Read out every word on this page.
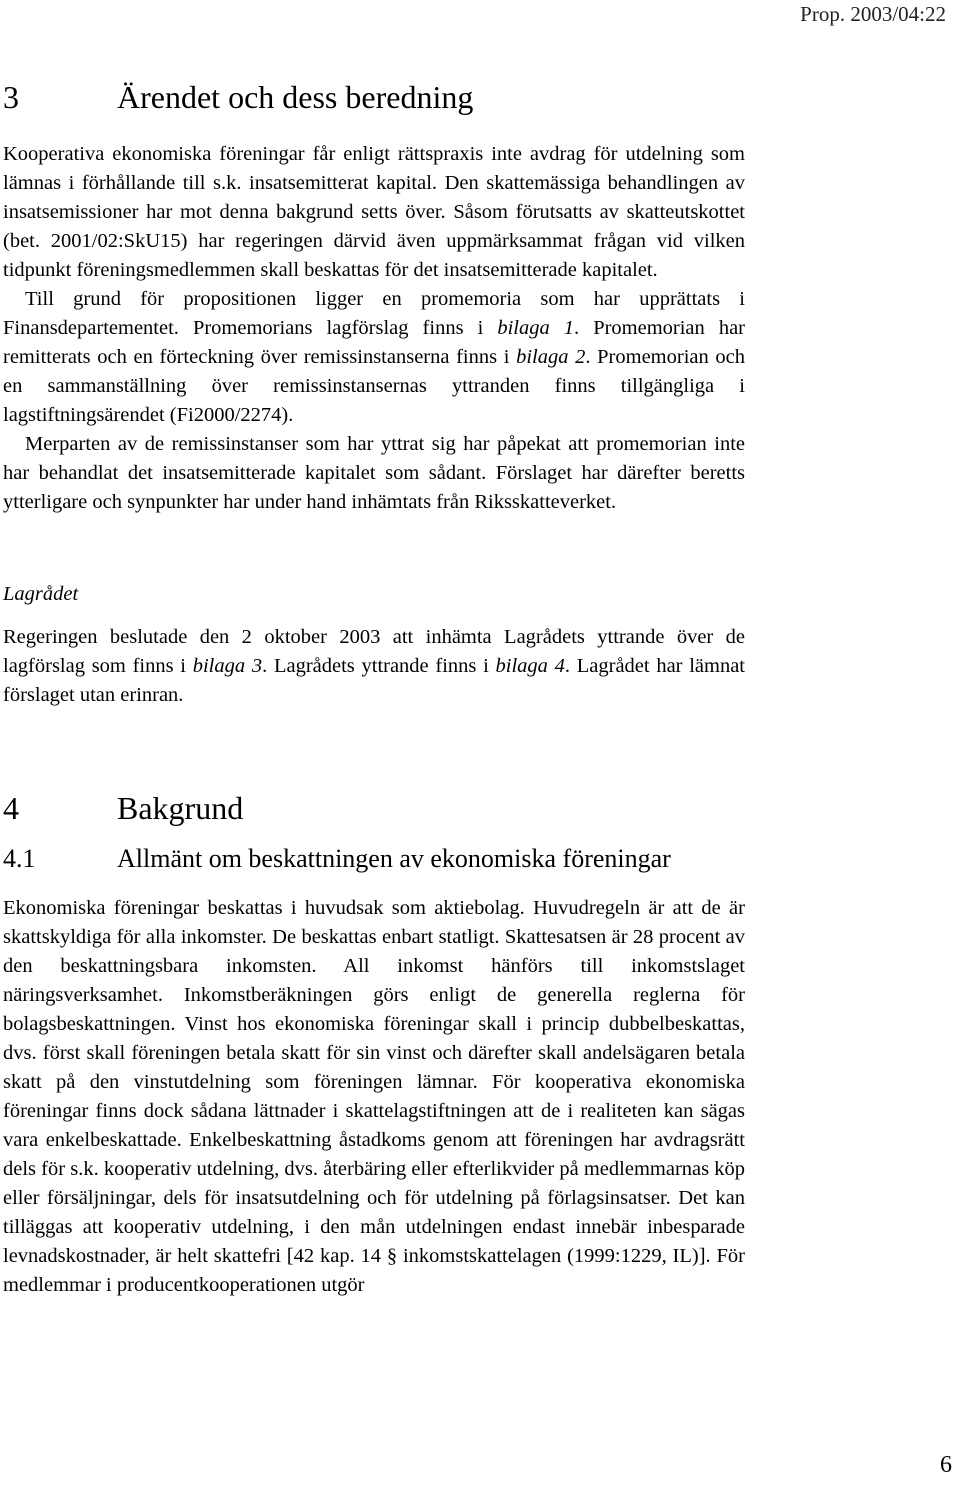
Prop. 2003/04:22
3	Ärendet och dess beredning

Kooperativa ekonomiska föreningar får enligt rättspraxis inte avdrag för utdelning som lämnas i förhållande till s.k. insatsemitterat kapital. Den skattemässiga behandlingen av insatsemissioner har mot denna bakgrund setts över. Såsom förutsatts av skatteutskottet (bet. 2001/02:SkU15) har regeringen därvid även uppmärksammat frågan vid vilken tidpunkt föreningsmedlemmen skall beskattas för det insatsemitterade kapitalet.

Till grund för propositionen ligger en promemoria som har upprättats i Finansdepartementet. Promemorians lagförslag finns i bilaga 1. Promemorian har remitterats och en förteckning över remissinstanserna finns i bilaga 2. Promemorian och en sammanställning över remissinstansernas yttranden finns tillgängliga i lagstiftningsärendet (Fi2000/2274).

Merparten av de remissinstanser som har yttrat sig har påpekat att promemorian inte har behandlat det insatsemitterade kapitalet som sådant. Förslaget har därefter beretts ytterligare och synpunkter har under hand inhämtats från Riksskatteverket.

Lagrådet

Regeringen beslutade den 2 oktober 2003 att inhämta Lagrådets yttrande över de lagförslag som finns i bilaga 3. Lagrådets yttrande finns i bilaga 4. Lagrådet har lämnat förslaget utan erinran.

4	Bakgrund
4.1	Allmänt om beskattningen av ekonomiska föreningar

Ekonomiska föreningar beskattas i huvudsak som aktiebolag. Huvudregeln är att de är skattskyldiga för alla inkomster. De beskattas enbart statligt. Skattesatsen är 28 procent av den beskattningsbara inkomsten. All inkomst hänförs till inkomstslaget näringsverksamhet. Inkomstberäkningen görs enligt de generella reglerna för bolagsbeskattningen. Vinst hos ekonomiska föreningar skall i princip dubbelbeskattas, dvs. först skall föreningen betala skatt för sin vinst och därefter skall andelsägaren betala skatt på den vinstutdelning som föreningen lämnar. För kooperativa ekonomiska föreningar finns dock sådana lättnader i skattelagstiftningen att de i realiteten kan sägas vara enkelbeskattade. Enkelbeskattning åstadkoms genom att föreningen har avdragsrätt dels för s.k. kooperativ utdelning, dvs. återbäring eller efterlikvider på medlemmarnas köp eller försäljningar, dels för insatsutdelning och för utdelning på förlagsinsatser. Det kan tilläggas att kooperativ utdelning, i den mån utdelningen endast innebär inbesparade levnadskostnader, är helt skattefri [42 kap. 14 § inkomstskattelagen (1999:1229, IL)]. För medlemmar i producentkooperationen utgör

6
